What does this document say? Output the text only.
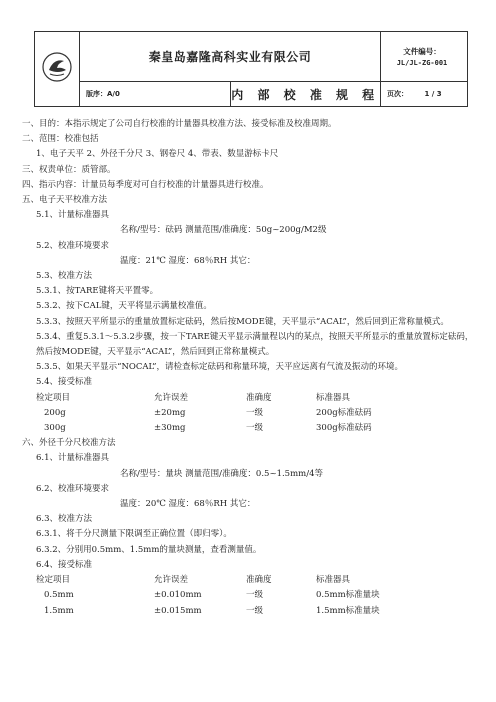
	秦皇岛嘉隆高科实业有限公司		文件编号：
JL/JL-ZG-001

	版序：A/0	内 部 校 准 规 程	页次： 1 / 3
一、目的：本指示规定了公司自行校准的计量器具校准方法、接受标准及校准周期。
二、范围：校准包括
1、电子天平 2、外径千分尺 3、钢卷尺 4、带表、数显游标卡尺
三、权责单位：质管部。
四、指示内容：计量员每季度对可自行校准的计量器具进行校准。
五、电子天平校准方法
5.1、计量标准器具
名称/型号：砝码 测量范围/准确度：50g~200g/M2级
5.2、校准环境要求
温度：21℃ 湿度：68％RH 其它：
5.3、校准方法
5.3.1、按TARE键将天平置零。
5.3.2、按下CAL键，天平将显示满量校准值。
5.3.3、按照天平所显示的重量放置标定砝码，然后按MODE键，天平显示“ACAL”，然后回到正常称量模式。
5.3.4、重复5.3.1～5.3.2步骤，按一下TARE键天平显示满量程以内的某点，按照天平所显示的重量放置标定砝码，然后按MODE键，天平显示“ACAL”，然后回到正常称量模式。
5.3.5、如果天平显示“NOCAL”，请检查标定砝码和称量环境，天平应远离有气流及振动的环境。
5.4、接受标准
检定项目	允许误差	准确度	标准器具
200g	±20mg	一级	200g标准砝码
300g	±30mg	一级	300g标准砝码
六、外径千分尺校准方法
6.1、计量标准器具
名称/型号：量块 测量范围/准确度：0.5~1.5mm/4等
6.2、校准环境要求
温度：20℃ 湿度：68％RH 其它：
6.3、校准方法
6.3.1、将千分尺测量下限调至正确位置（即归零）。
6.3.2、分别用0.5mm、1.5mm的量块测量，查看测量值。
6.4、接受标准
检定项目	允许误差	准确度	标准器具
0.5mm	±0.010mm	一级	0.5mm标准量块
1.5mm	±0.015mm	一级	1.5mm标准量块
